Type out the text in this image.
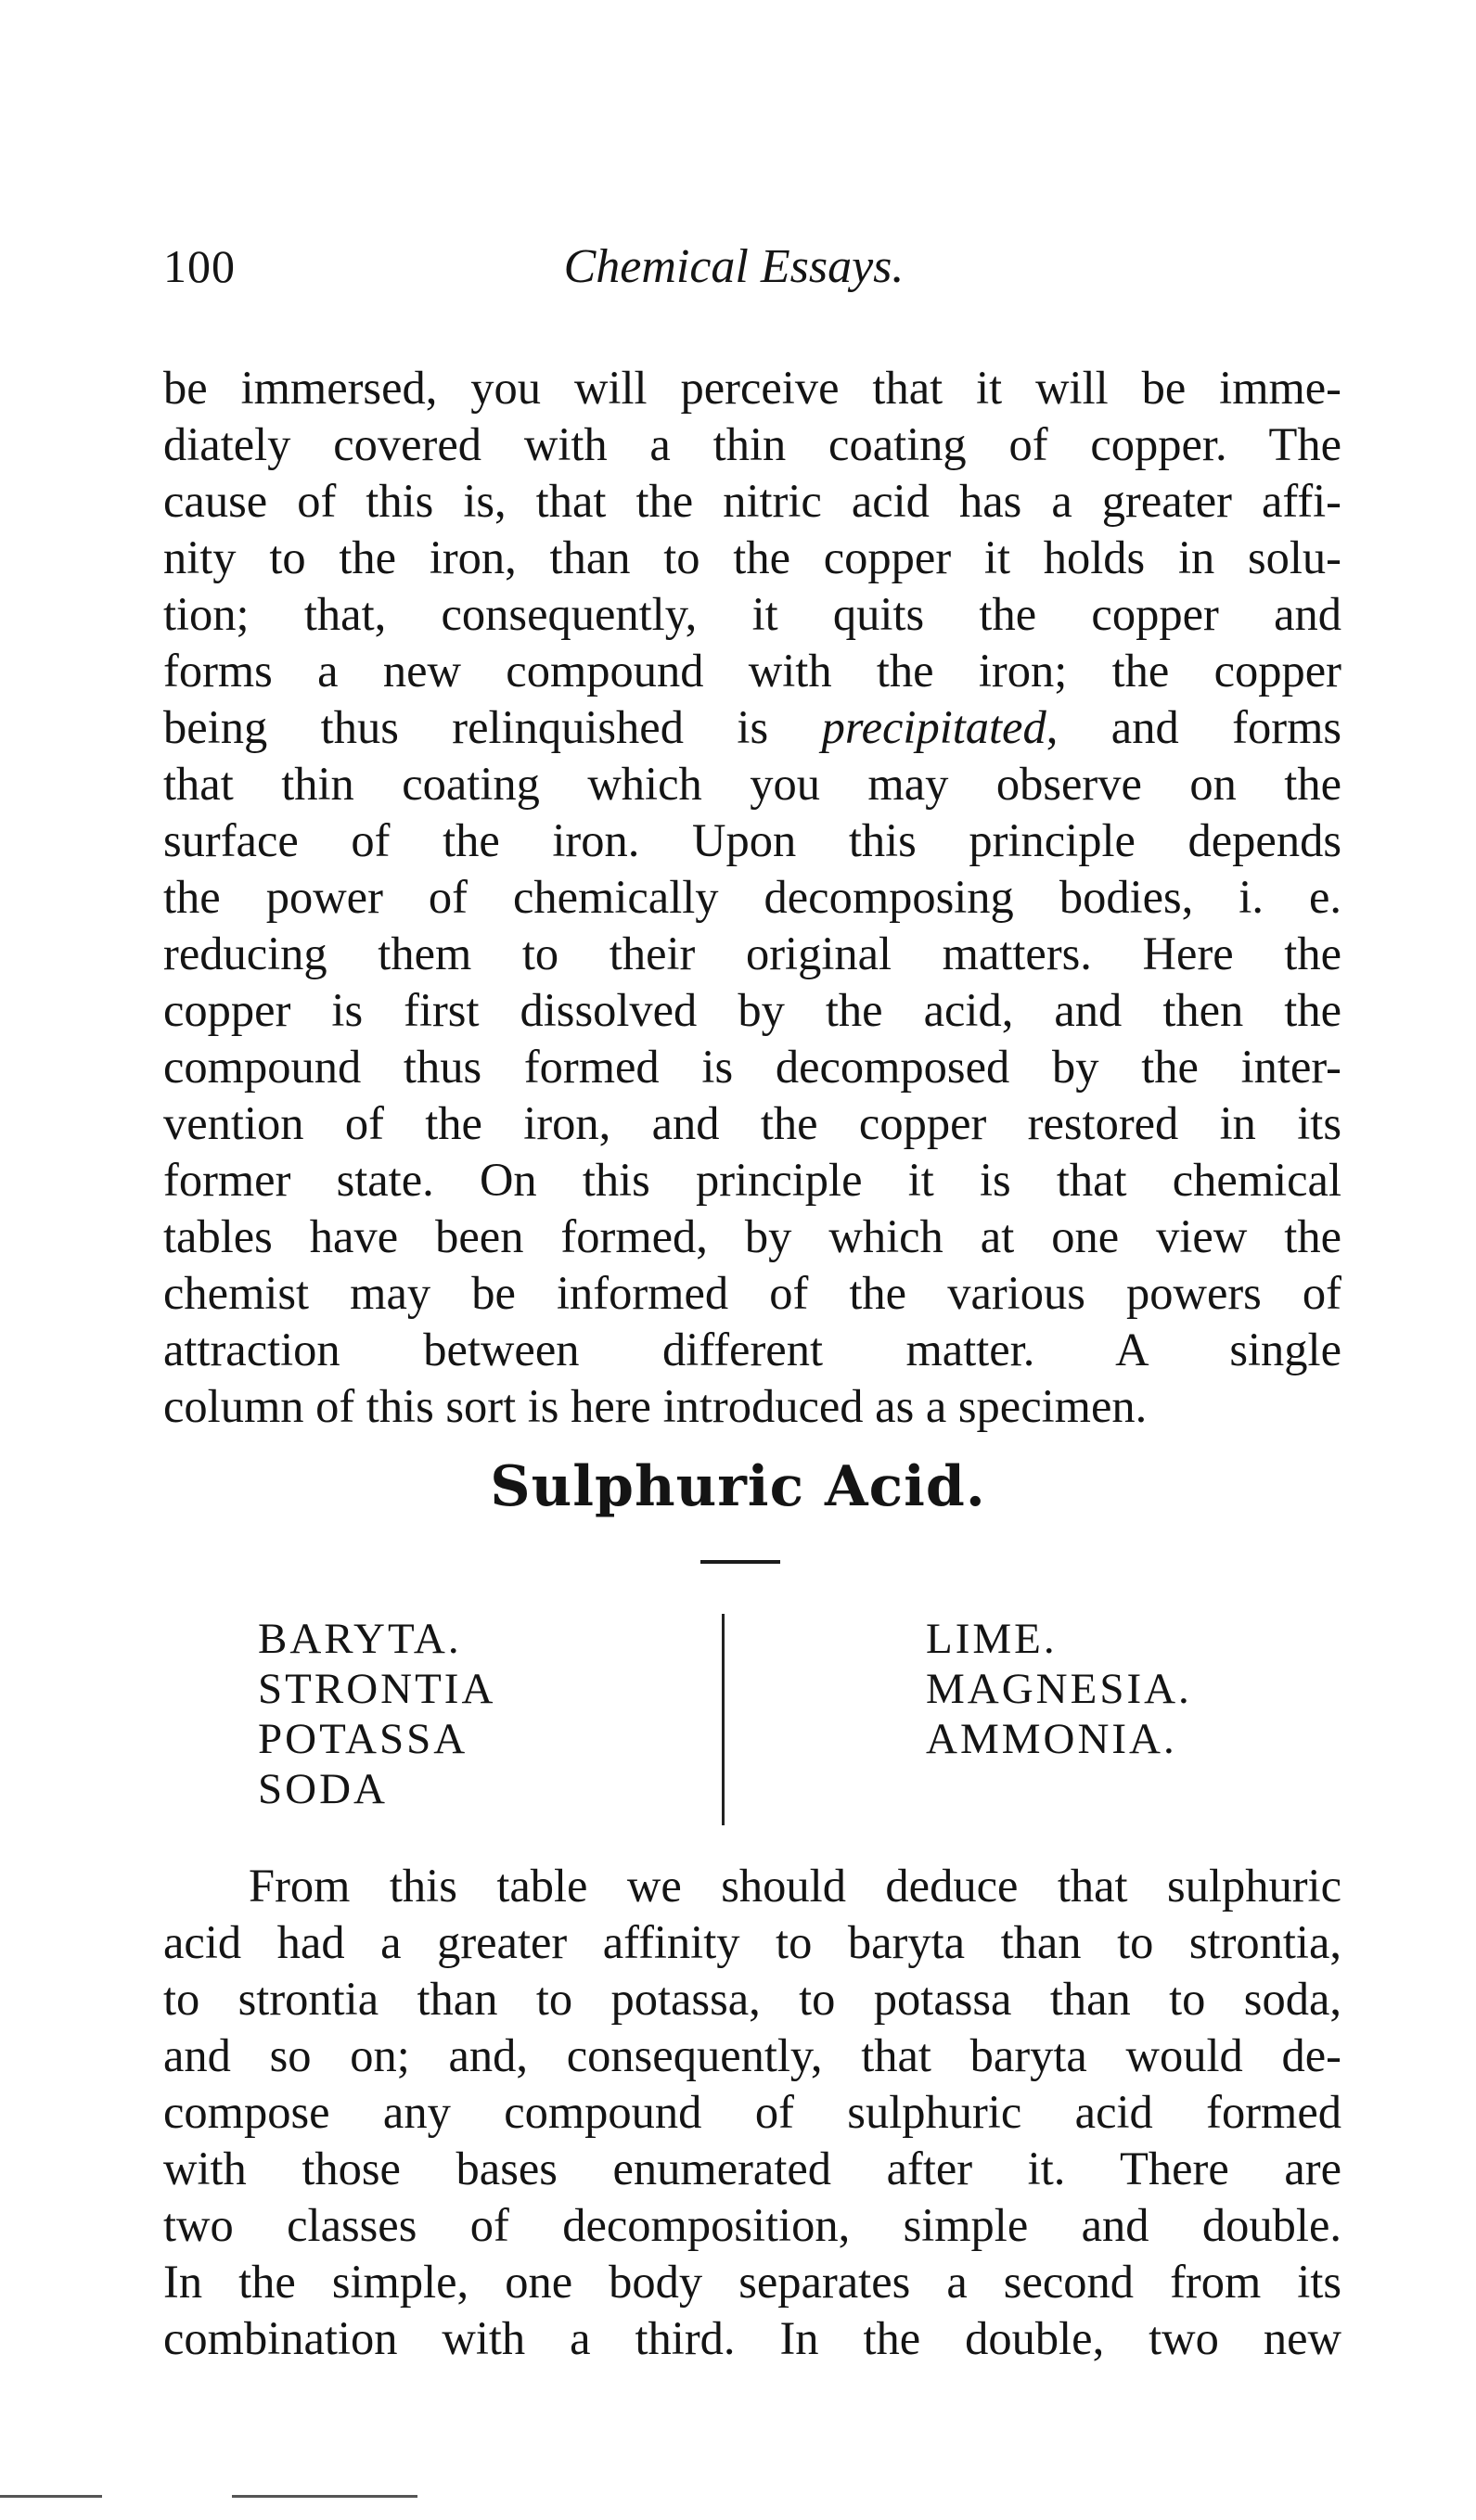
100	Chemical Essays.
be immersed, you will perceive that it will be imme-
diately covered with a thin coating of copper. The
cause of this is, that the nitric acid has a greater affi-
nity to the iron, than to the copper it holds in solu-
tion; that, consequently, it quits the copper and
forms a new compound with the iron; the copper
being thus relinquished is precipitated, and forms
that thin coating which you may observe on the
surface of the iron. Upon this principle depends
the power of chemically decomposing bodies, i. e.
reducing them to their original matters. Here the
copper is first dissolved by the acid, and then the
compound thus formed is decomposed by the inter-
vention of the iron, and the copper restored in its
former state. On this principle it is that chemical
tables have been formed, by which at one view the
chemist may be informed of the various powers of
attraction between different matter. A single
column of this sort is here introduced as a specimen.
Sulphuric Acid.
BARYTA.
STRONTIA
POTASSA
SODA
LIME.
MAGNESIA.
AMMONIA.
From this table we should deduce that sulphuric
acid had a greater affinity to baryta than to strontia,
to strontia than to potassa, to potassa than to soda,
and so on; and, consequently, that baryta would de-
compose any compound of sulphuric acid formed
with those bases enumerated after it. There are
two classes of decomposition, simple and double.
In the simple, one body separates a second from its
combination with a third. In the double, two new
